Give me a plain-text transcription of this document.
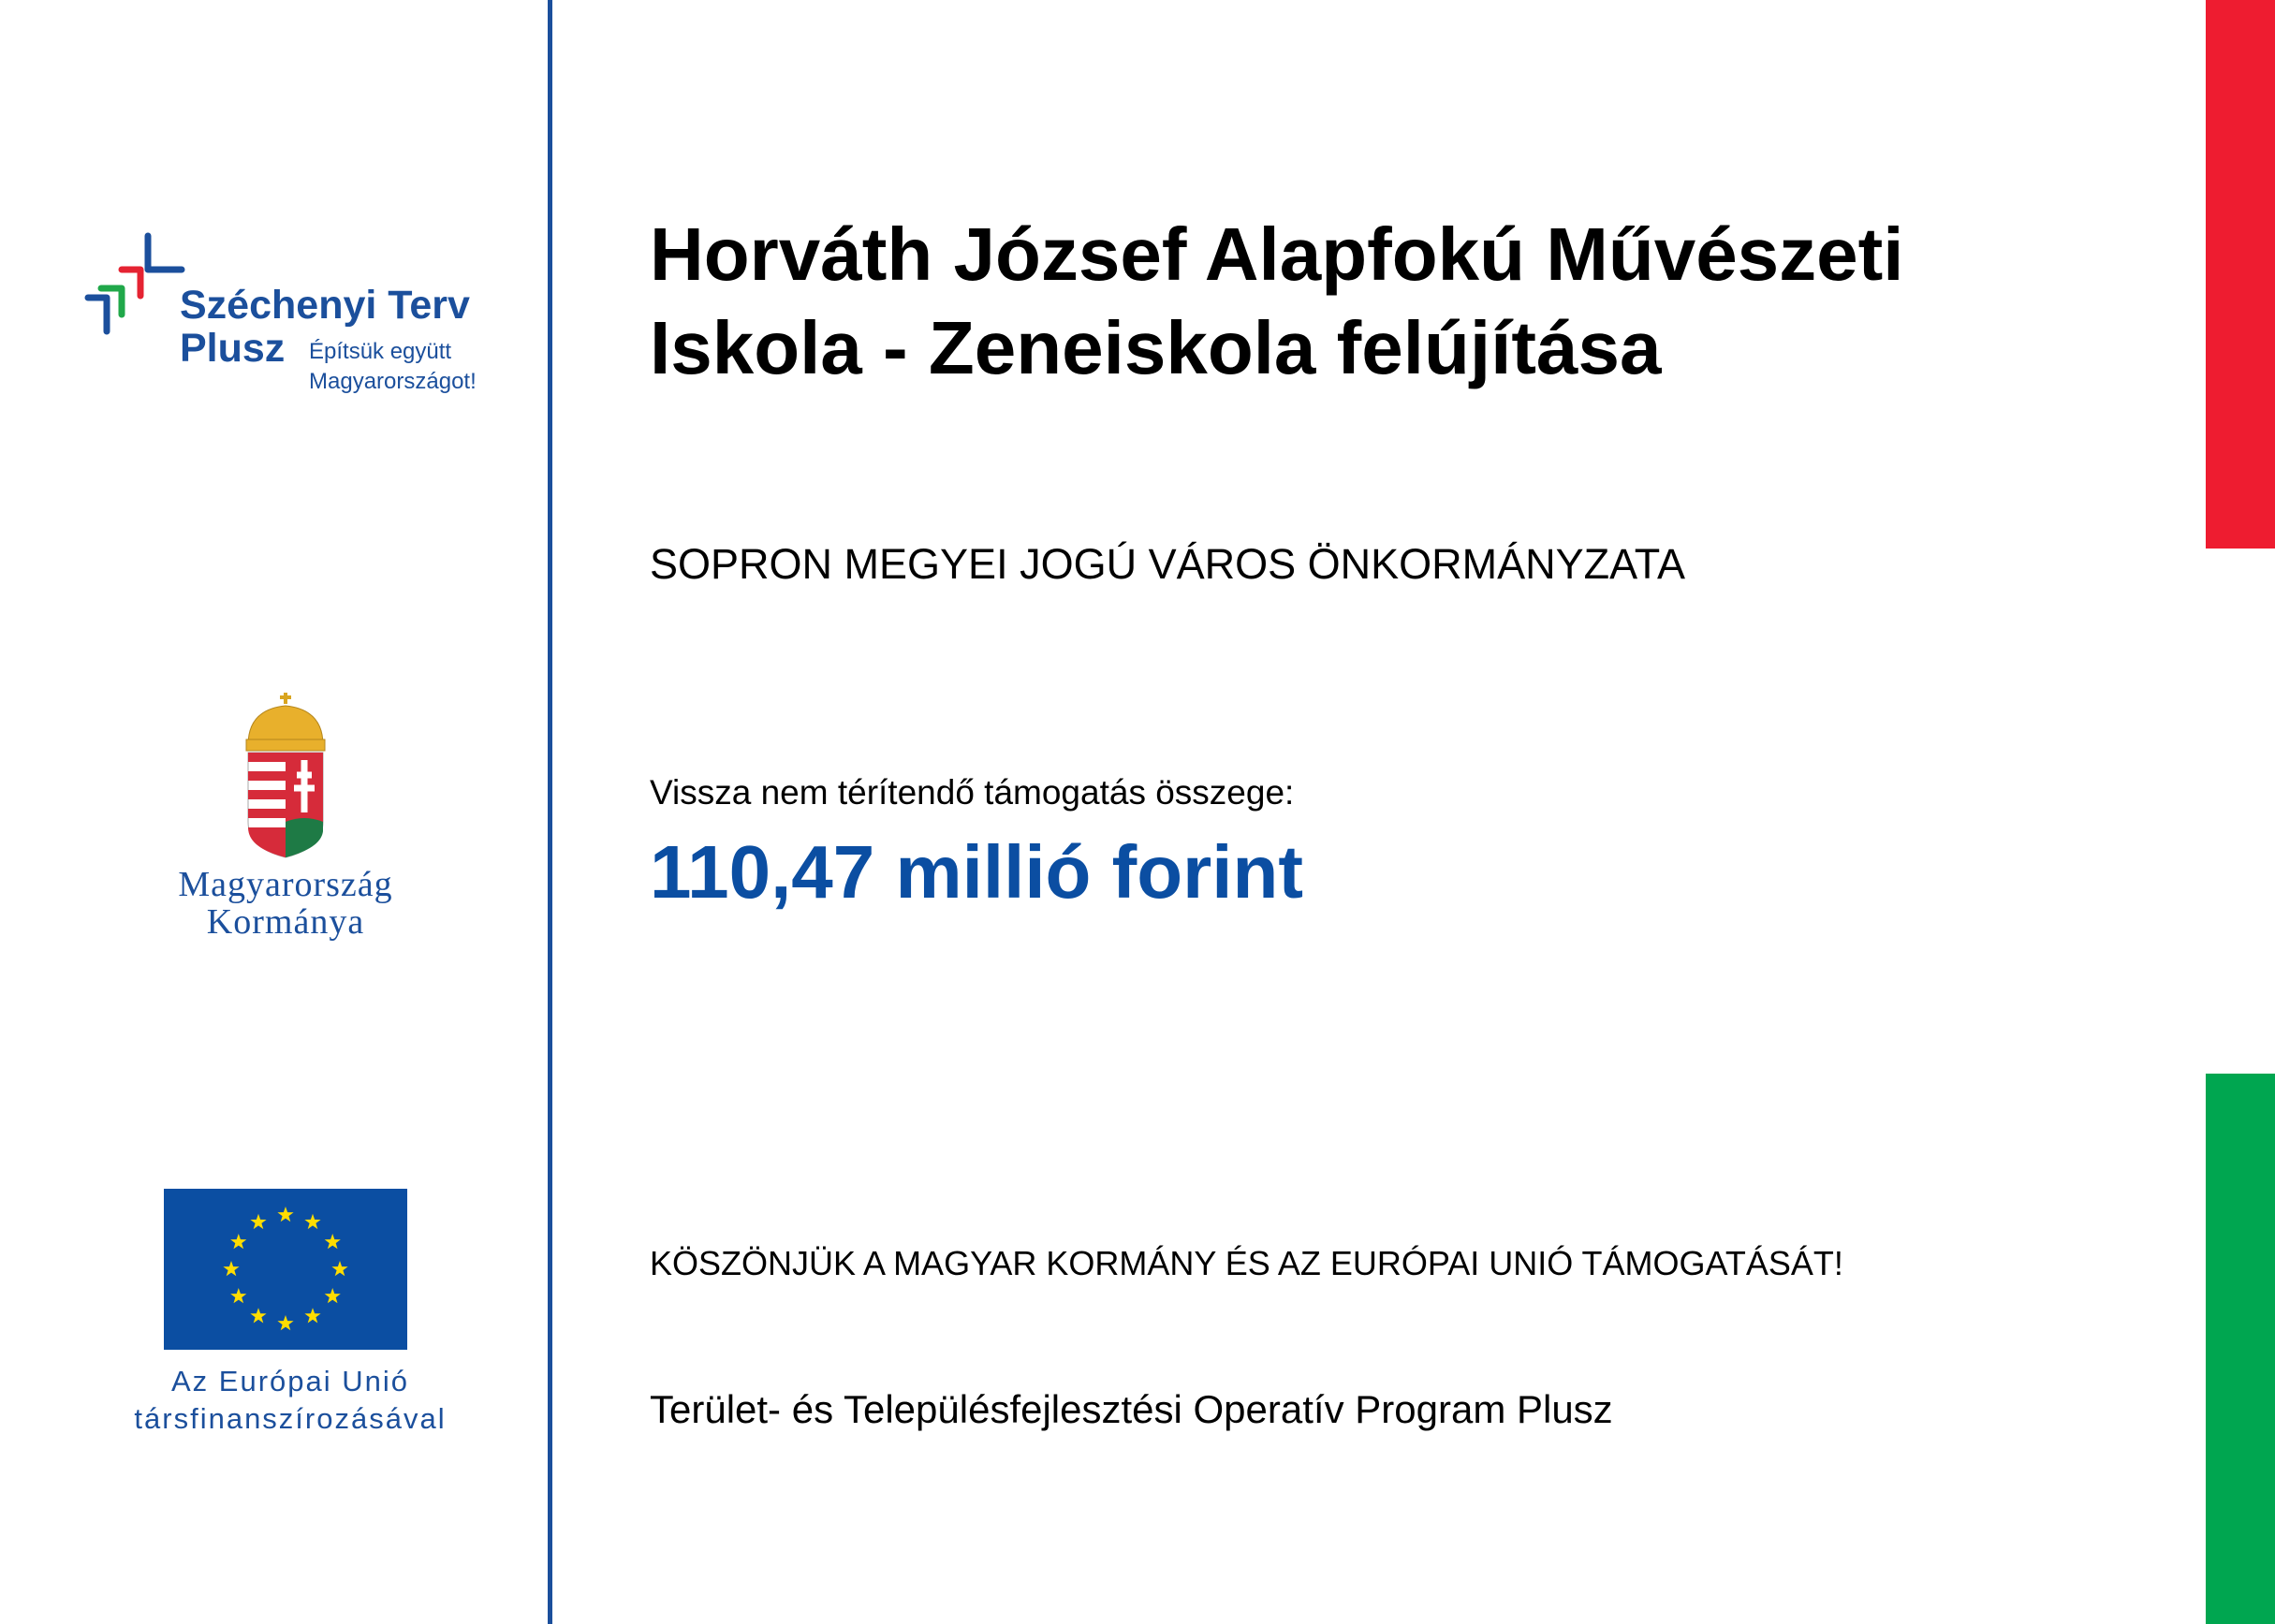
Széchenyi Terv
Plusz Építsük együtt
Magyarországot!
Magyarország
Kormánya
Az Európai Unió
társfinanszírozásával
Horváth József Alapfokú Művészeti
Iskola - Zeneiskola felújítása
SOPRON MEGYEI JOGÚ VÁROS ÖNKORMÁNYZATA
Vissza nem térítendő támogatás összege:
110,47 millió forint
KÖSZÖNJÜK A MAGYAR KORMÁNY ÉS AZ EURÓPAI UNIÓ TÁMOGATÁSÁT!
Terület- és Településfejlesztési Operatív Program Plusz
